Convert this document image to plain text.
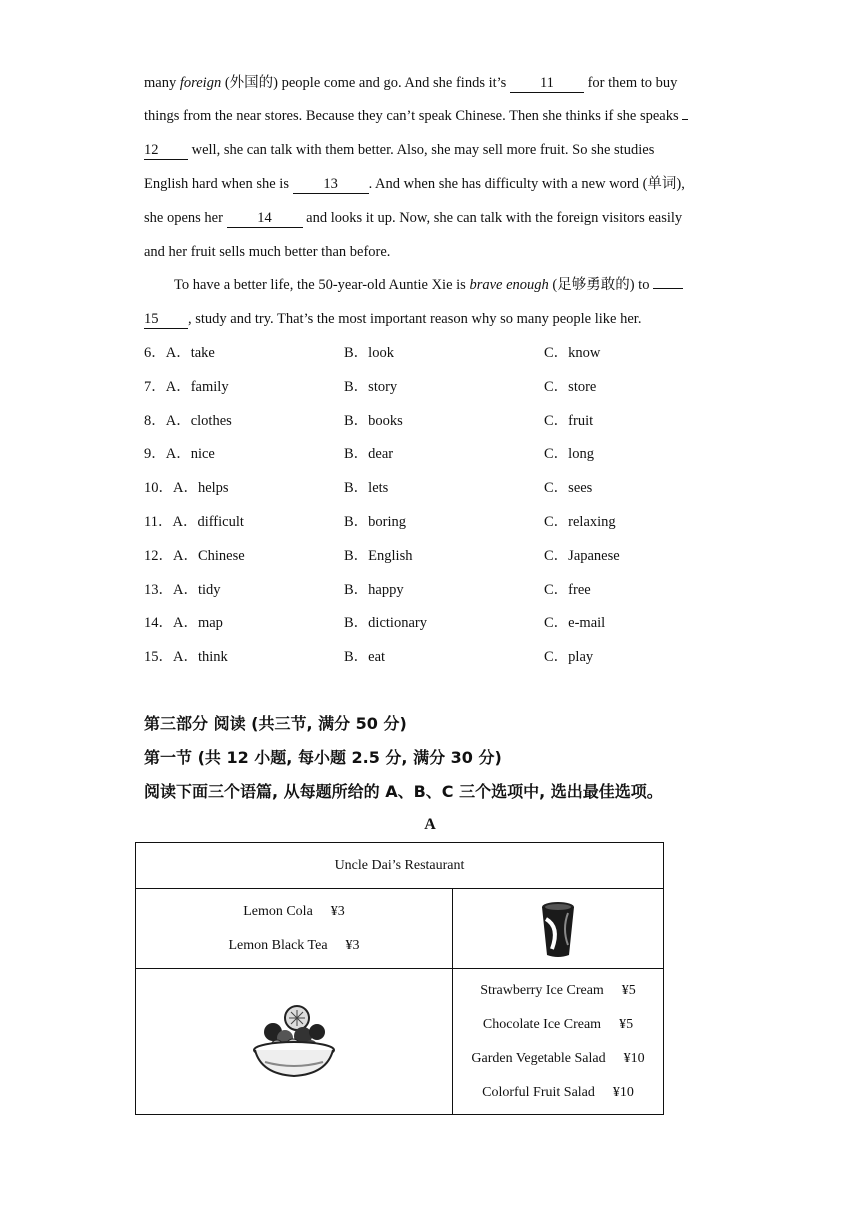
many foreign (外国的) people come and go. And she finds it’s 11 for them to buy
things from the near stores. Because they can’t speak Chinese. Then she thinks if she speaks
12 well, she can talk with them better. Also, she may sell more fruit. So she studies
English hard when she is 13 . And when she has difficulty with a new word (单词),
she opens her 14 and looks it up. Now, she can talk with the foreign visitors easily
and her fruit sells much better than before.
To have a better life, the 50-year-old Auntie Xie is brave enough (足够勇敢的) to
15 , study and try. That’s the most important reason why so many people like her.
6．A．take	B．look	C．know
7．A．family	B．story	C．store
8．A．clothes	B．books	C．fruit
9．A．nice	B．dear	C．long
10．A．helps	B．lets	C．sees
11．A．difficult	B．boring	C．relaxing
12．A．Chinese	B．English	C．Japanese
13．A．tidy	B．happy	C．free
14．A．map	B．dictionary	C．e-mail
15．A．think	B．eat	C．play
第三部分 阅读 (共三节, 满分 50 分)
第一节 (共 12 小题, 每小题 2.5 分, 满分 30 分)
阅读下面三个语篇, 从每题所给的 A、B、C 三个选项中, 选出最佳选项。
A
Uncle Dai’s Restaurant	

Lemon Cola ¥3
Lemon Black Tea ¥3

Strawberry Ice Cream ¥5
Chocolate Ice Cream ¥5
Garden Vegetable Salad ¥10
Colorful Fruit Salad ¥10
